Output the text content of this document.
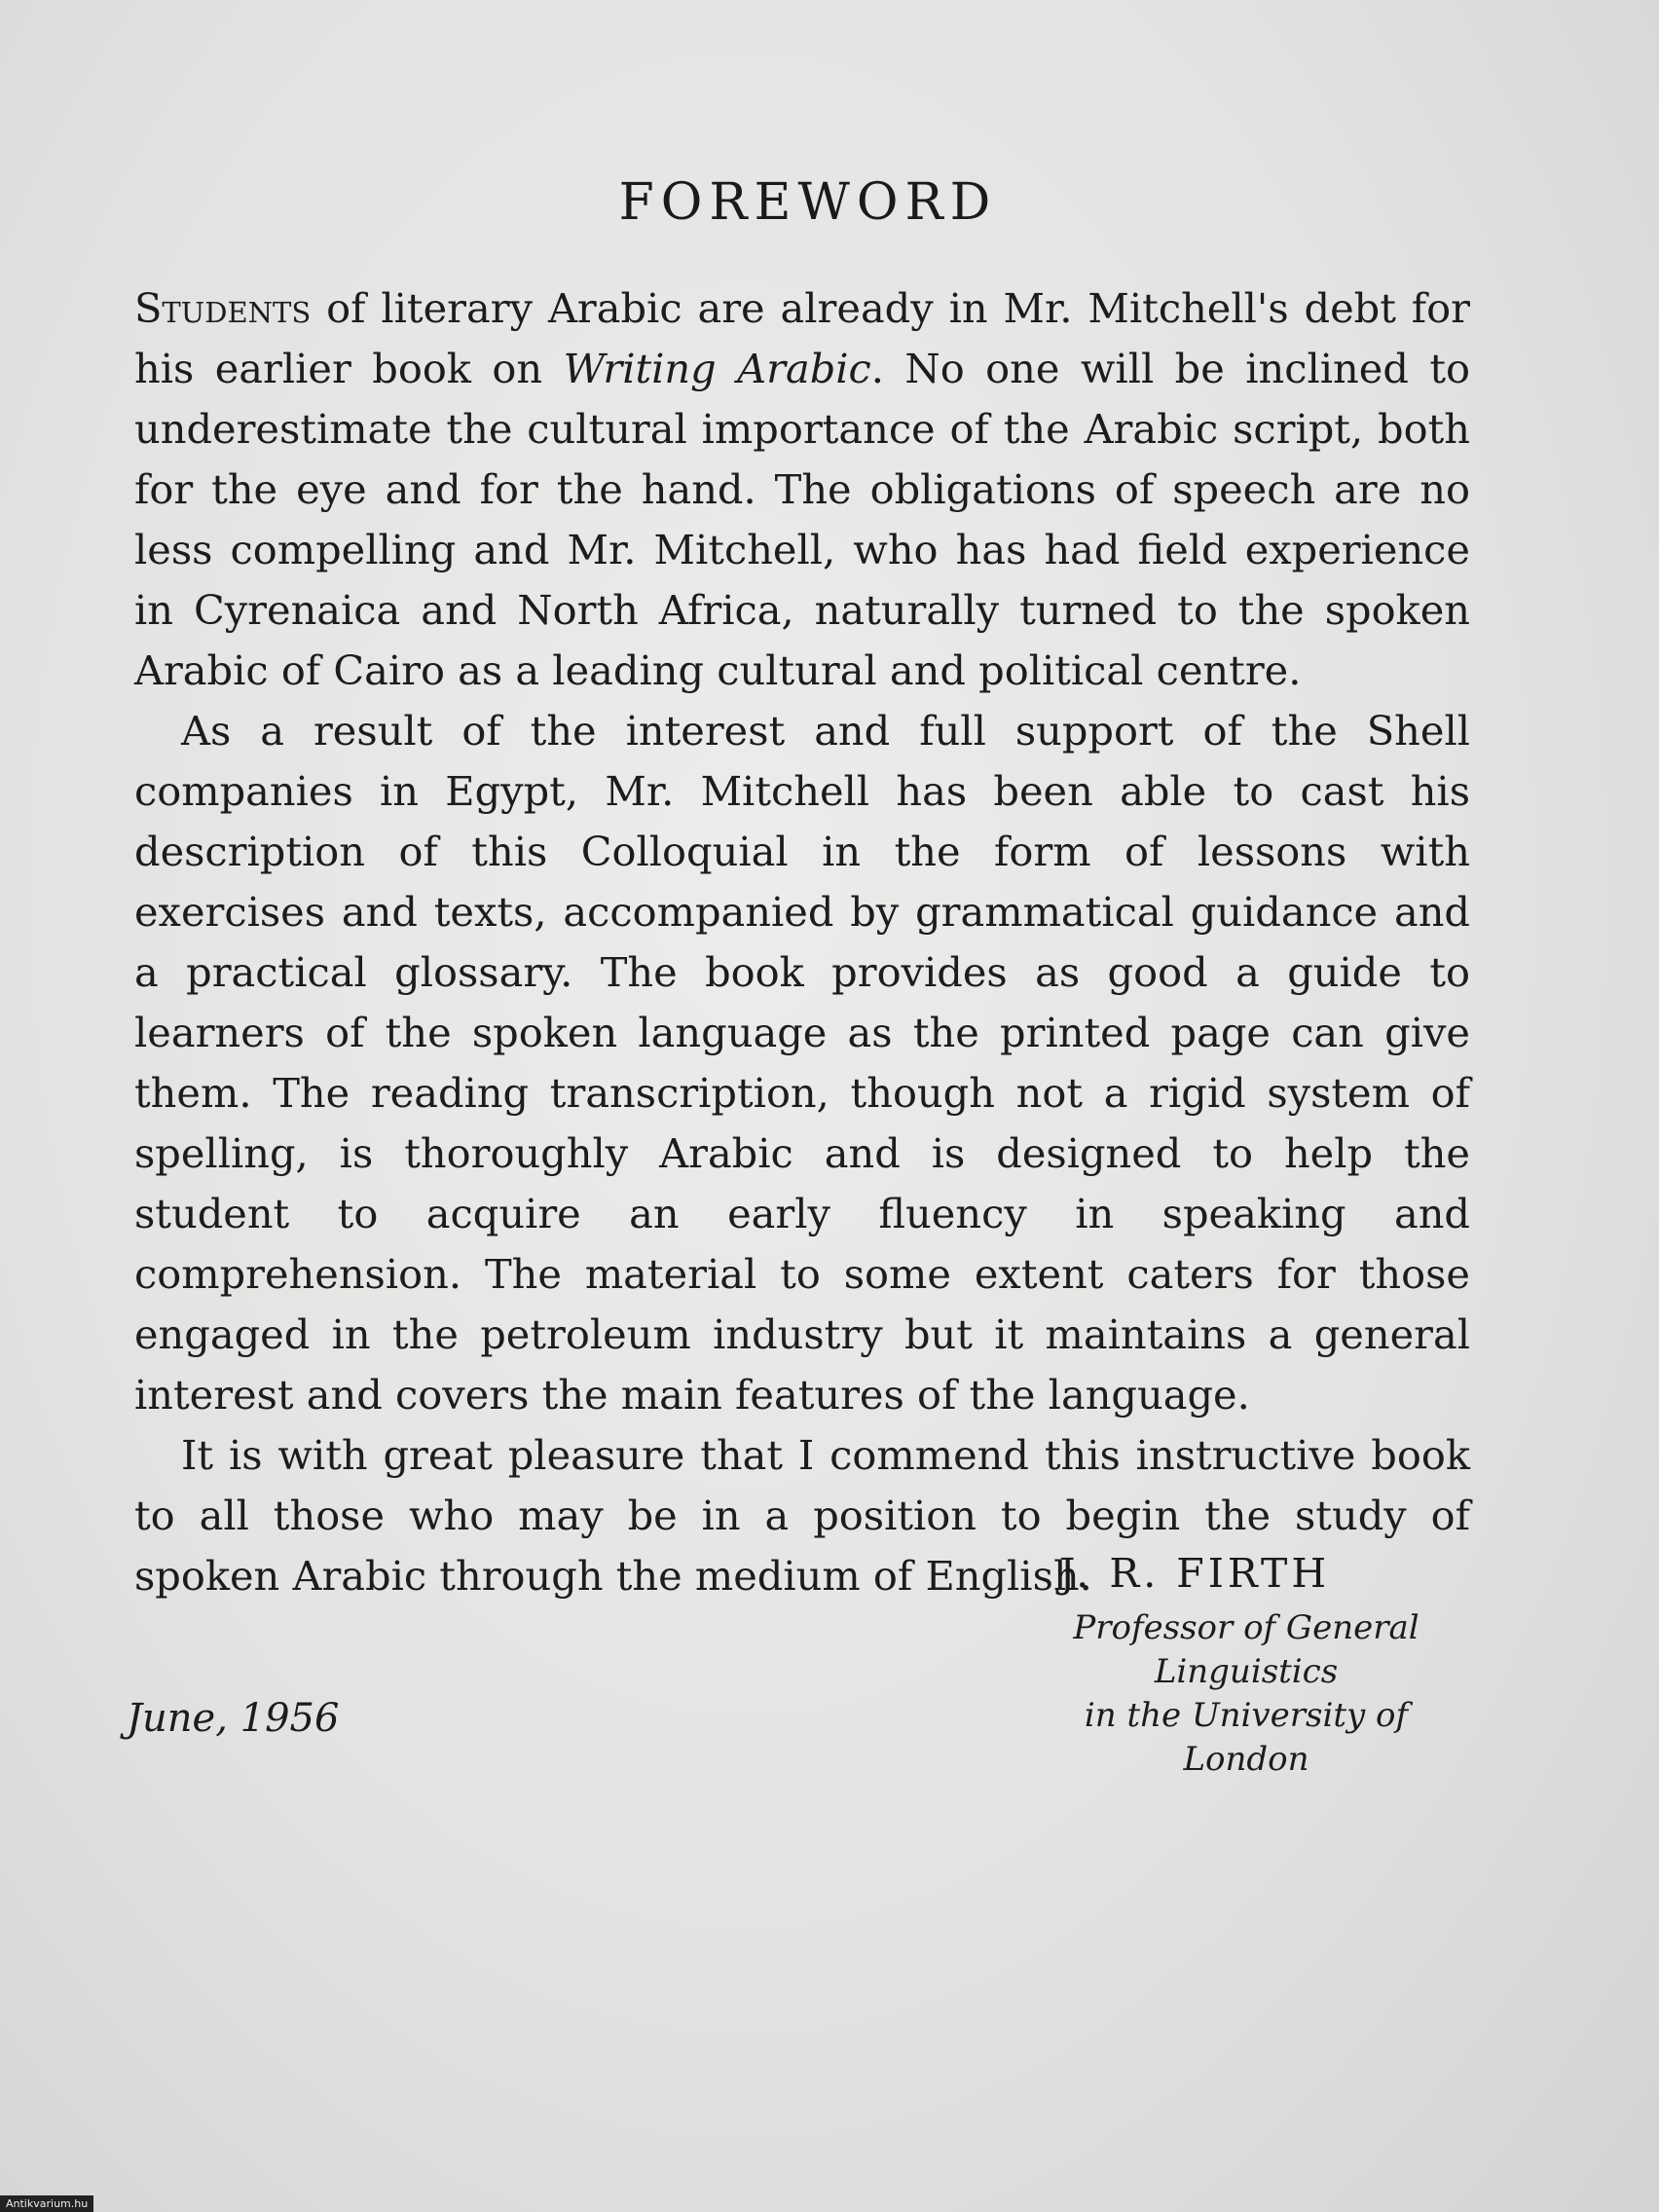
FOREWORD

Students of literary Arabic are already in Mr. Mitchell's debt for his earlier book on Writing Arabic. No one will be inclined to underestimate the cultural importance of the Arabic script, both for the eye and for the hand. The obligations of speech are no less compelling and Mr. Mitchell, who has had field experience in Cyrenaica and North Africa, naturally turned to the spoken Arabic of Cairo as a leading cultural and political centre.

As a result of the interest and full support of the Shell companies in Egypt, Mr. Mitchell has been able to cast his description of this Colloquial in the form of lessons with exercises and texts, accompanied by grammatical guidance and a practical glossary. The book provides as good a guide to learners of the spoken language as the printed page can give them. The reading transcription, though not a rigid system of spelling, is thoroughly Arabic and is designed to help the student to acquire an early fluency in speaking and comprehension. The material to some extent caters for those engaged in the petroleum industry but it maintains a general interest and covers the main features of the language.

It is with great pleasure that I commend this instructive book to all those who may be in a position to begin the study of spoken Arabic through the medium of English.

J. R. FIRTH
Professor of General Linguistics
in the University of London
June, 1956
Antikvarium.hu
